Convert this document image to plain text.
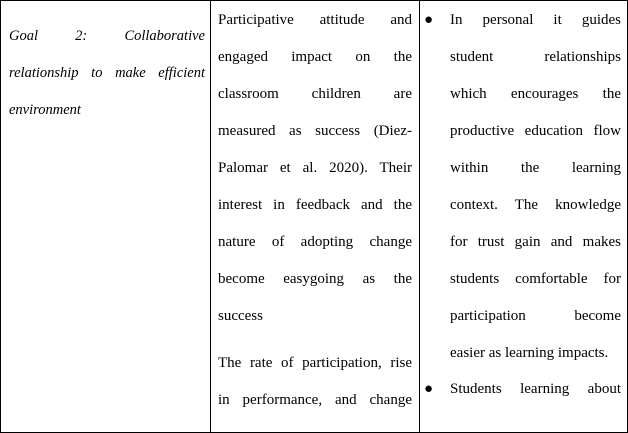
Goal 2: Collaborative
relationship to make efficient
environment
Participative attitude and
engaged impact on the
classroom children are
measured as success (Diez-
Palomar et al. 2020). Their
interest in feedback and the
nature of adopting change
become easygoing as the
success
The rate of participation, rise
in performance, and change
● In personal it guides
student relationships
which encourages the
productive education flow
within the learning
context. The knowledge
for trust gain and makes
students comfortable for
participation become
easier as learning impacts.
● Students learning about
